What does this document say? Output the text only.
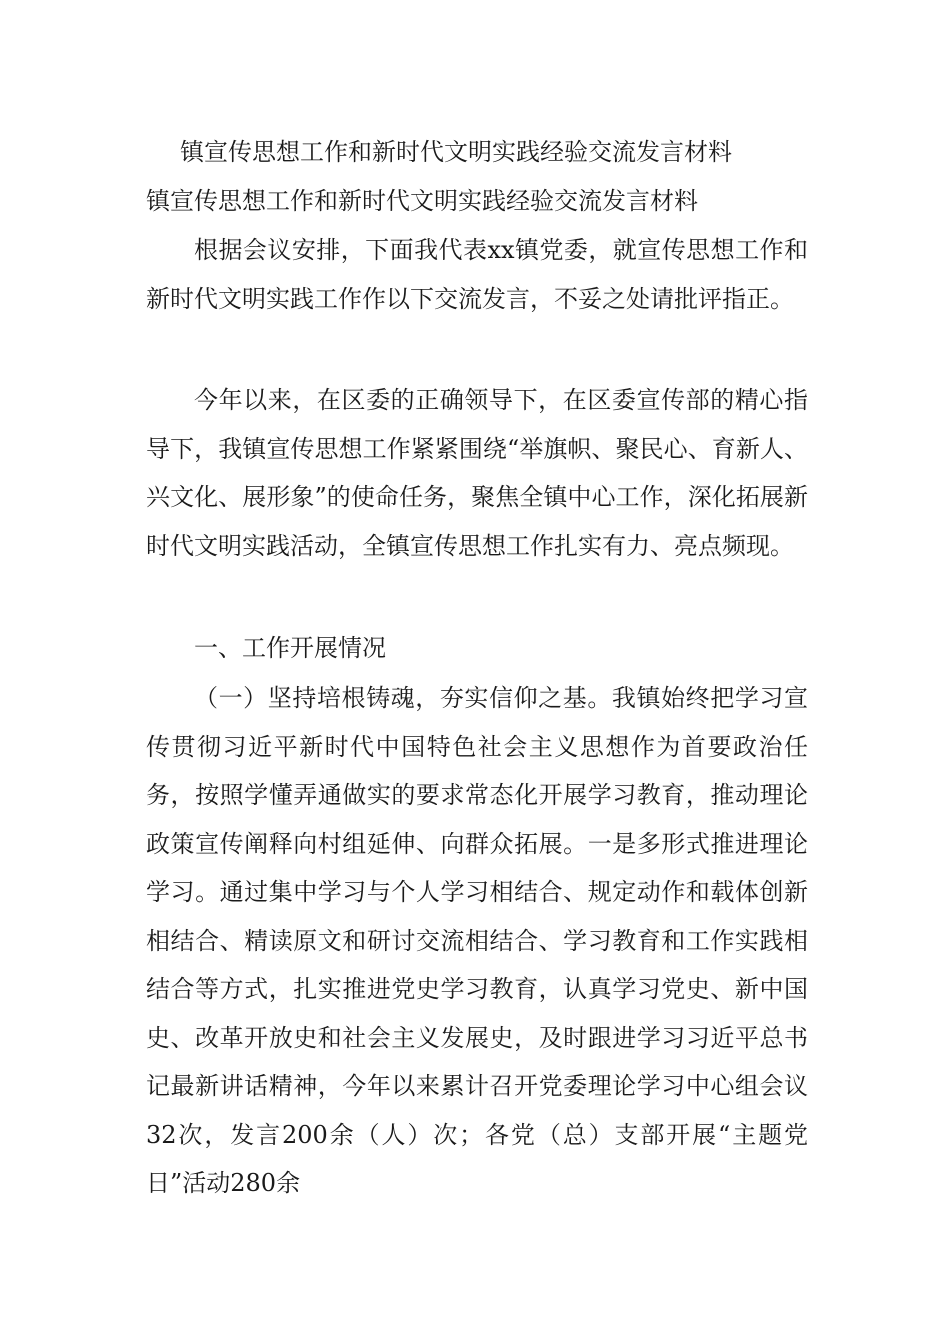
镇宣传思想工作和新时代文明实践经验交流发言材料
镇宣传思想工作和新时代文明实践经验交流发言材料

根据会议安排，下面我代表xx镇党委，就宣传思想工作和新时代文明实践工作作以下交流发言，不妥之处请批评指正。

今年以来，在区委的正确领导下，在区委宣传部的精心指导下，我镇宣传思想工作紧紧围绕“举旗帜、聚民心、育新人、兴文化、展形象”的使命任务，聚焦全镇中心工作，深化拓展新时代文明实践活动，全镇宣传思想工作扎实有力、亮点频现。

一、工作开展情况

（一）坚持培根铸魂，夯实信仰之基。我镇始终把学习宣传贯彻习近平新时代中国特色社会主义思想作为首要政治任务，按照学懂弄通做实的要求常态化开展学习教育，推动理论政策宣传阐释向村组延伸、向群众拓展。一是多形式推进理论学习。通过集中学习与个人学习相结合、规定动作和载体创新相结合、精读原文和研讨交流相结合、学习教育和工作实践相结合等方式，扎实推进党史学习教育，认真学习党史、新中国史、改革开放史和社会主义发展史，及时跟进学习习近平总书记最新讲话精神，今年以来累计召开党委理论学习中心组会议32次，发言200余（人）次；各党（总）支部开展“主题党日”活动280余
